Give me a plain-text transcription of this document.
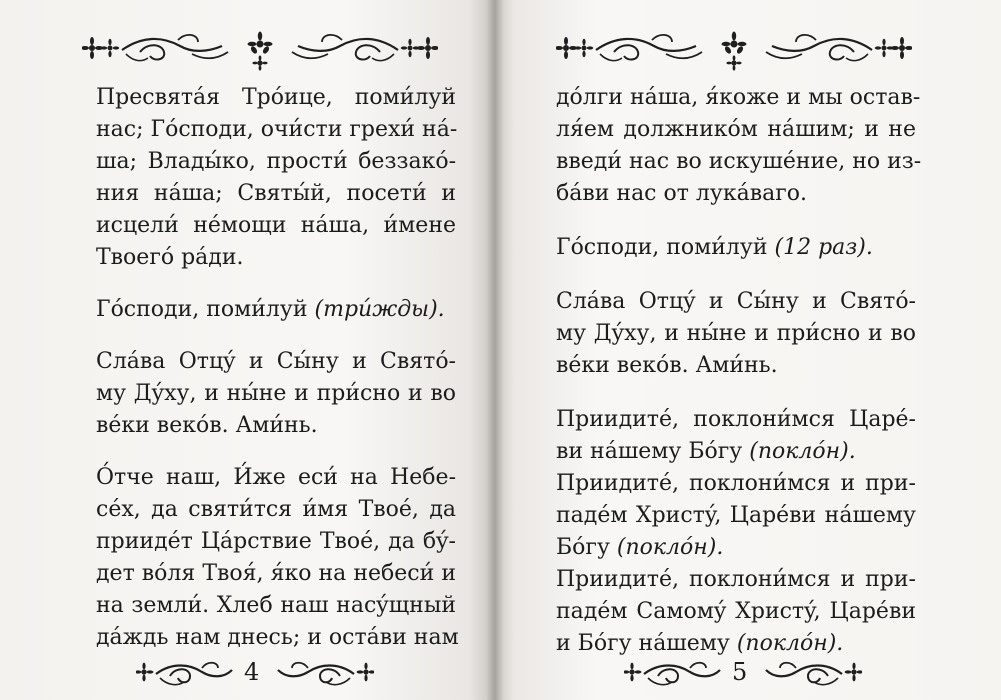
Пресвятáя Трóице, поми́луй
нас; Гóсподи, очи́сти грехи́ нá-
ша; Влады́ко, прости́ беззакó-
ния нáша; Святы́й, посети́ и
исцели́ нéмощи нáша, и́мене
Твоегó рáди.
Гóсподи, поми́луй (три́жды).
Слáва Отцý и Сы́ну и Святó-
му Дýху, и ны́не и при́сно и во
вéки векóв. Ами́нь.
О́тче наш, И́же еси́ на Небе-
сéх, да святи́тся и́мя Твоé, да
приидéт Цáрствие Твоé, да бý-
дет вóля Твоя́, я́ко на небеси́ и
на земли́. Хлеб наш насýщный
дáждь нам днесь; и остáви нам
4
дóлги нáша, я́коже и мы остав-
ля́ем должникóм нáшим; и не
введи́ нас во искушéние, но из-
бáви нас от лукáваго.
Гóсподи, поми́луй (12 раз).
Слáва Отцý и Сы́ну и Святó-
му Дýху, и ны́не и при́сно и во
вéки векóв. Ами́нь.
Приидитé, поклони́мся Царé-
ви нáшему Бóгу (поклóн).
Приидитé, поклони́мся и при-
падéм Христý, Царéви нáшему
Бóгу (поклóн).
Приидитé, поклони́мся и при-
падéм Самомý Христý, Царéви
и Бóгу нáшему (поклóн).
5
